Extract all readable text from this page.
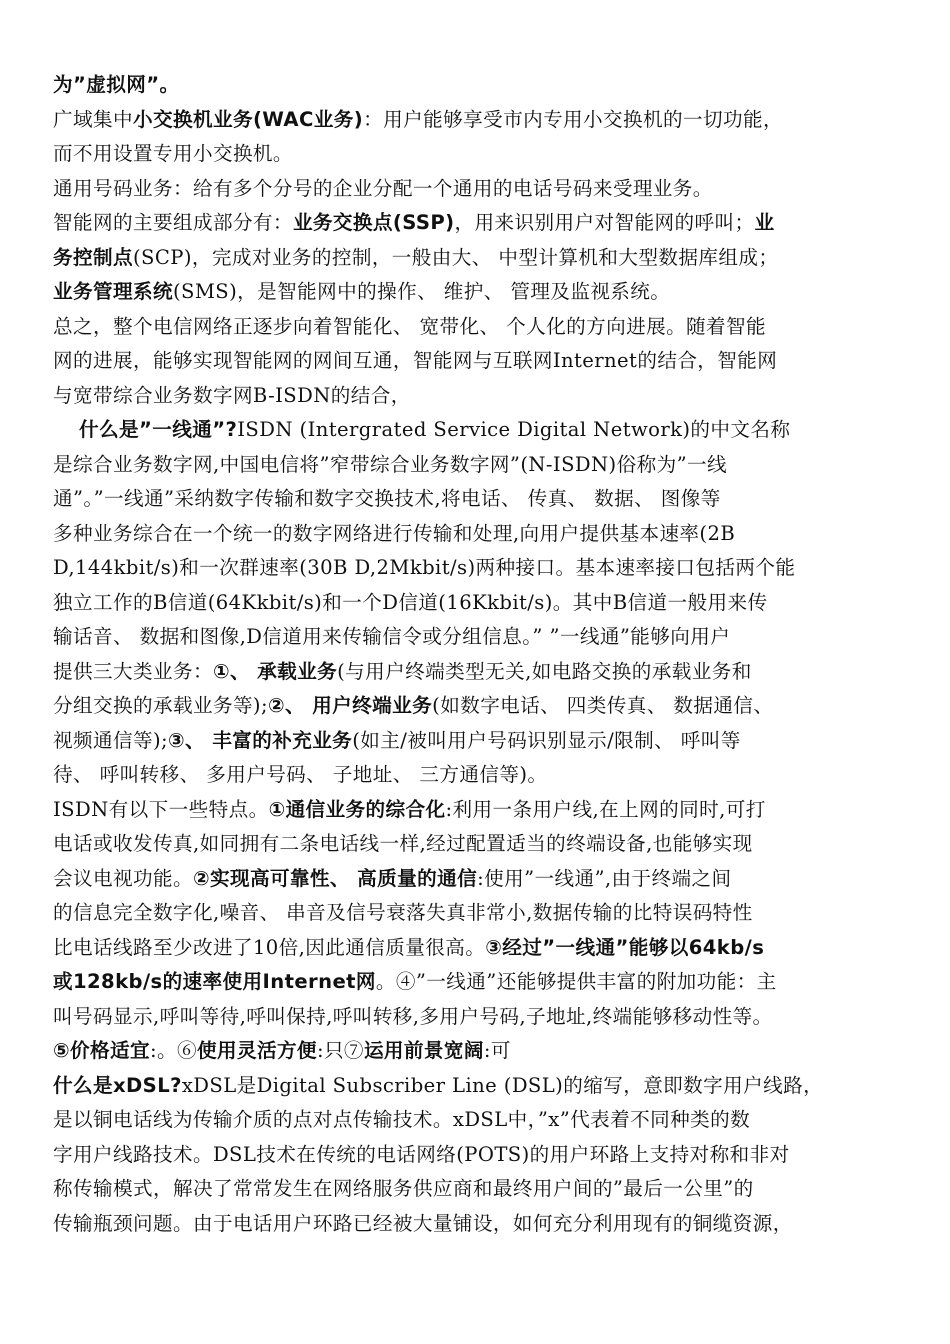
为”虚拟网”。
广域集中小交换机业务(WAC业务)：用户能够享受市内专用小交换机的一切功能，
而不用设置专用小交换机。
通用号码业务：给有多个分号的企业分配一个通用的电话号码来受理业务。
智能网的主要组成部分有：业务交换点(SSP)，用来识别用户对智能网的呼叫；业
务控制点(SCP)，完成对业务的控制，一般由大、 中型计算机和大型数据库组成；
业务管理系统(SMS)，是智能网中的操作、 维护、 管理及监视系统。
总之，整个电信网络正逐步向着智能化、 宽带化、 个人化的方向进展。随着智能
网的进展，能够实现智能网的网间互通，智能网与互联网Internet的结合，智能网
与宽带综合业务数字网B-ISDN的结合，
什么是”一线通”?ISDN (Intergrated Service Digital Network)的中文名称
是综合业务数字网,中国电信将”窄带综合业务数字网”(N-ISDN)俗称为”一线
通”。”一线通”采纳数字传输和数字交换技术,将电话、 传真、 数据、 图像等
多种业务综合在一个统一的数字网络进行传输和处理,向用户提供基本速率(2B
D,144kbit/s)和一次群速率(30B D,2Mkbit/s)两种接口。基本速率接口包括两个能
独立工作的B信道(64Kkbit/s)和一个D信道(16Kkbit/s)。其中B信道一般用来传
输话音、 数据和图像,D信道用来传输信令或分组信息。” ”一线通”能够向用户
提供三大类业务：①、 承载业务(与用户终端类型无关,如电路交换的承载业务和
分组交换的承载业务等);②、 用户终端业务(如数字电话、 四类传真、 数据通信、
视频通信等);③、 丰富的补充业务(如主/被叫用户号码识别显示/限制、 呼叫等
待、 呼叫转移、 多用户号码、 子地址、 三方通信等)。
ISDN有以下一些特点。①通信业务的综合化:利用一条用户线,在上网的同时,可打
电话或收发传真,如同拥有二条电话线一样,经过配置适当的终端设备,也能够实现
会议电视功能。②实现高可靠性、 高质量的通信:使用”一线通”,由于终端之间
的信息完全数字化,噪音、 串音及信号衰落失真非常小,数据传输的比特误码特性
比电话线路至少改进了10倍,因此通信质量很高。③经过”一线通”能够以64kb/s
或128kb/s的速率使用Internet网。④”一线通”还能够提供丰富的附加功能：主
叫号码显示,呼叫等待,呼叫保持,呼叫转移,多用户号码,子地址,终端能够移动性等。
⑤价格适宜:。⑥使用灵活方便:只⑦运用前景宽阔:可
什么是xDSL?xDSL是Digital Subscriber Line (DSL)的缩写，意即数字用户线路，
是以铜电话线为传输介质的点对点传输技术。xDSL中，”x”代表着不同种类的数
字用户线路技术。DSL技术在传统的电话网络(POTS)的用户环路上支持对称和非对
称传输模式，解决了常常发生在网络服务供应商和最终用户间的”最后一公里”的
传输瓶颈问题。由于电话用户环路已经被大量铺设，如何充分利用现有的铜缆资源，
